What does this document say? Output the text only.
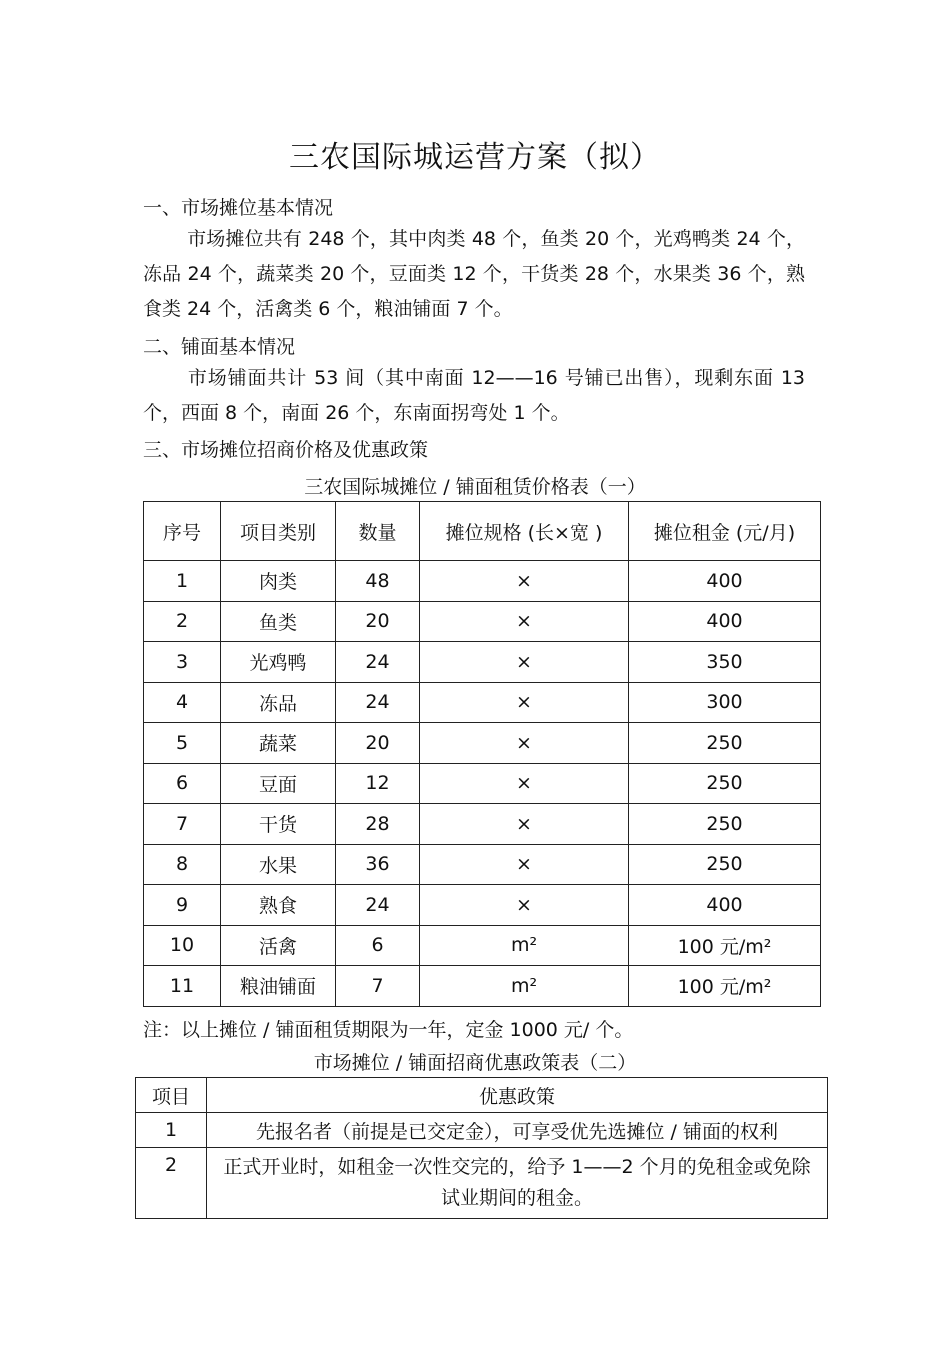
三农国际城运营方案（拟）
一、市场摊位基本情况
市场摊位共有 248 个，其中肉类 48 个，鱼类 20 个，光鸡鸭类 24 个，冻品 24 个，蔬菜类 20 个，豆面类 12 个，干货类 28 个，水果类 36 个，熟食类 24 个，活禽类 6 个，粮油铺面 7 个。
二、铺面基本情况
市场铺面共计 53 间（其中南面 12——16 号铺已出售），现剩东面 13 个，西面 8 个，南面 26 个，东南面拐弯处 1 个。
三、市场摊位招商价格及优惠政策
三农国际城摊位 / 铺面租赁价格表（一）
序号	项目类别	数量	摊位规格 (长×宽 )	摊位租金 (元/月)
1	肉类	48	×	400
2	鱼类	20	×	400
3	光鸡鸭	24	×	350
4	冻品	24	×	300
5	蔬菜	20	×	250
6	豆面	12	×	250
7	干货	28	×	250
8	水果	36	×	250
9	熟食	24	×	400
10	活禽	6	m²	100 元/m²
11	粮油铺面	7	m²	100 元/m²
注：以上摊位 / 铺面租赁期限为一年，定金 1000 元/ 个。
市场摊位 / 铺面招商优惠政策表（二）
项目	优惠政策
1	先报名者（前提是已交定金），可享受优先选摊位 / 铺面的权利
2	正式开业时，如租金一次性交完的，给予 1——2 个月的免租金或免除试业期间的租金。
